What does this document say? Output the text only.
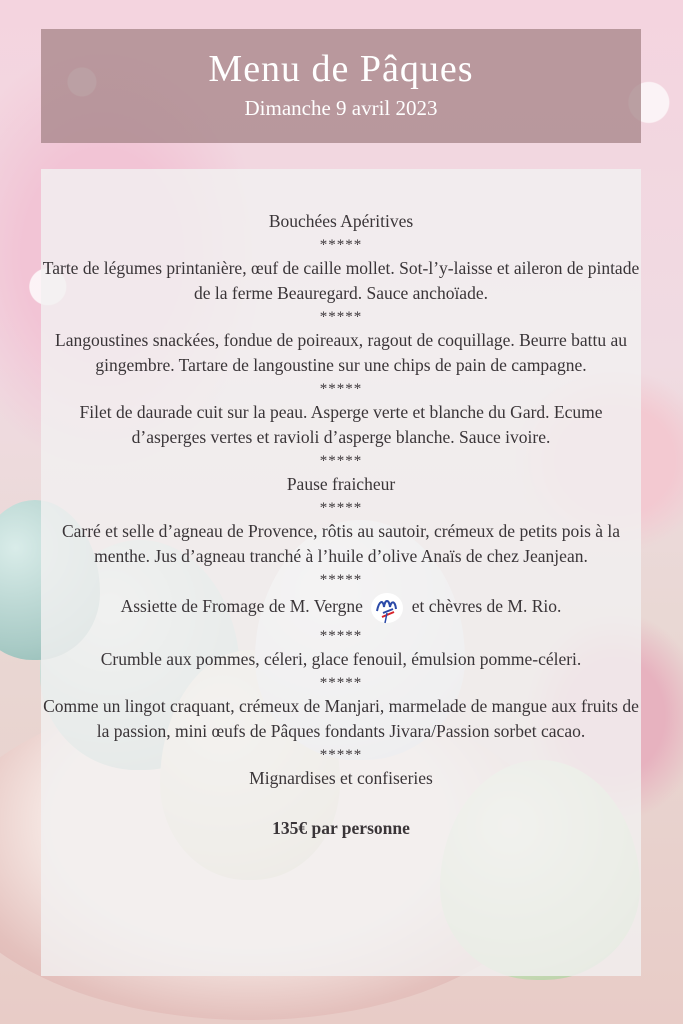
Menu de Pâques
Dimanche 9 avril 2023

Bouchées Apéritives

*****

Tarte de légumes printanière, œuf de caille mollet. Sot-l’y-laisse et aileron de pintade de la ferme Beauregard. Sauce anchoïade.

*****

Langoustines snackées, fondue de poireaux, ragout de coquillage. Beurre battu au gingembre. Tartare de langoustine sur une chips de pain de campagne.

*****

Filet de daurade cuit sur la peau. Asperge verte et blanche du Gard. Ecume d’asperges vertes et ravioli d’asperge blanche. Sauce ivoire.

*****

Pause fraicheur

*****

Carré et selle d’agneau de Provence, rôtis au sautoir, crémeux de petits pois à la menthe. Jus d’agneau tranché à l’huile d’olive Anaïs de chez Jeanjean.

*****

Assiette de Fromage de M. Vergne	et chèvres de M. Rio.

*****

Crumble aux pommes, céleri, glace fenouil, émulsion pomme-céleri.

*****

Comme un lingot craquant, crémeux de Manjari, marmelade de mangue aux fruits de la passion, mini œufs de Pâques fondants Jivara/Passion sorbet cacao.

*****

Mignardises et confiseries

135€ par personne
